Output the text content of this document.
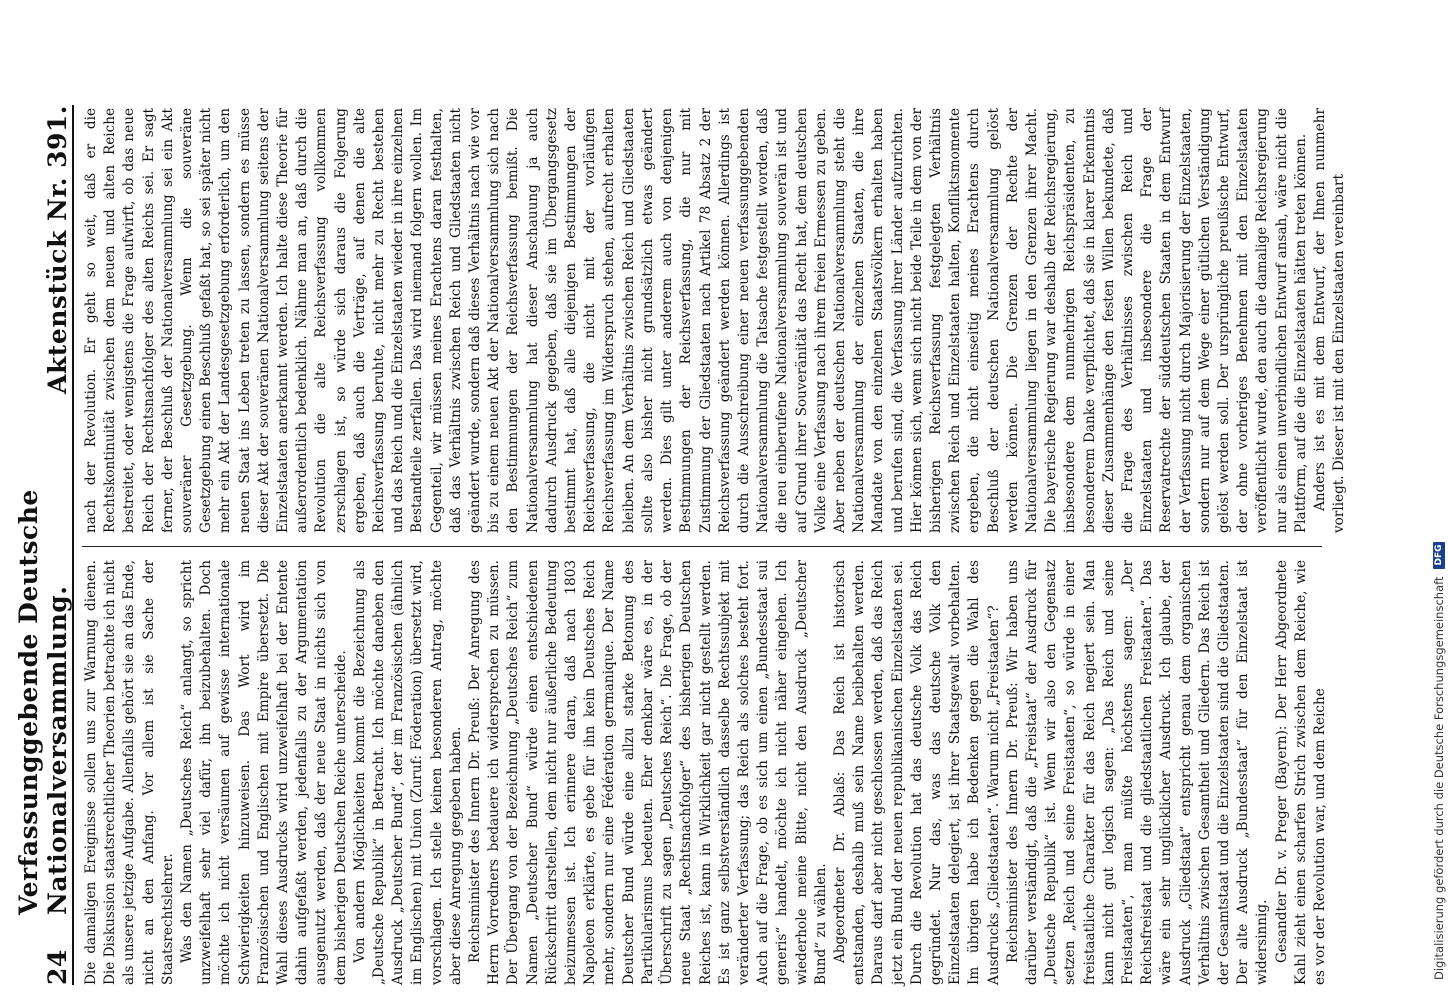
24
Verfassunggebende Deutsche Nationalversammlung.
Aktenstück Nr. 391.

Die damaligen Ereignisse sollen uns zur Warnung dienen. Die Diskussion staatsrechtlicher Theorien betrachte ich nicht als unsere jetzige Aufgabe. Allenfalls gehört sie an das Ende, nicht an den Anfang. Vor allem ist sie Sache der Staatsrechtslehrer. Was den Namen „Deutsches Reich“ anlangt, so spricht unzweifelhaft sehr viel dafür, ihn beizubehalten. Doch möchte ich nicht versäumen auf gewisse internationale Schwierigkeiten hinzuweisen. Das Wort wird im Französischen und Englischen mit Empire übersetzt. Die Wahl dieses Ausdrucks wird unzweifelhaft bei der Entente dahin aufgefaßt werden, jedenfalls zu der Argumentation ausgenutzt werden, daß der neue Staat in nichts sich von dem bisherigen Deutschen Reiche unterscheide. Von andern Möglichkeiten kommt die Bezeichnung als „Deutsche Republik“ in Betracht. Ich möchte daneben den Ausdruck „Deutscher Bund“, der im Französischen (ähnlich im Englischen) mit Union (Zuruf: Föderation) übersetzt wird, vorschlagen. Ich stelle keinen besonderen Antrag, möchte aber diese Anregung gegeben haben. Reichsminister des Innern Dr. Preuß: Der Anregung des Herrn Vorredners bedauere ich widersprechen zu müssen. Der Übergang von der Bezeichnung „Deutsches Reich“ zum Namen „Deutscher Bund“ würde einen entschiedenen Rückschritt darstellen, dem nicht nur äußerliche Bedeutung beizumessen ist. Ich erinnere daran, daß nach 1803 Napoleon erklärte, es gebe für ihn kein Deutsches Reich mehr, sondern nur eine Fédération germanique. Der Name Deutscher Bund würde eine allzu starke Betonung des Partikularismus bedeuten. Eher denkbar wäre es, in der Überschrift zu sagen „Deutsches Reich“. Die Frage, ob der neue Staat „Rechtsnachfolger“ des bisherigen Deutschen Reiches ist, kann in Wirklichkeit gar nicht gestellt werden. Es ist ganz selbstverständlich dasselbe Rechtssubjekt mit veränderter Verfassung; das Reich als solches besteht fort. Auch auf die Frage, ob es sich um einen „Bundesstaat sui generis“ handelt, möchte ich nicht näher eingehen. Ich wiederhole meine Bitte, nicht den Ausdruck „Deutscher Bund“ zu wählen. Abgeordneter Dr. Ablaß: Das Reich ist historisch entstanden, deshalb muß sein Name beibehalten werden. Daraus darf aber nicht geschlossen werden, daß das Reich jetzt ein Bund der neuen republikanischen Einzelstaaten sei. Durch die Revolution hat das deutsche Volk das Reich gegründet. Nur das, was das deutsche Volk den Einzelstaaten delegiert, ist ihrer Staatsgewalt vorbehalten. Im übrigen habe ich Bedenken gegen die Wahl des Ausdrucks „Gliedstaaten“. Warum nicht „Freistaaten“? Reichsminister des Innern Dr. Preuß: Wir haben uns darüber verständigt, daß die „Freistaat“ der Ausdruck für „Deutsche Republik“ ist. Wenn wir also den Gegensatz setzen „Reich und seine Freistaaten“, so würde in einer freistaatliche Charakter für das Reich negiert sein. Man kann nicht gut logisch sagen: „Das Reich und seine Freistaaten“, man müßte höchstens sagen: „Der Reichsfreistaat und die gliedstaatlichen Freistaaten“. Das wäre ein sehr unglücklicher Ausdruck. Ich glaube, der Ausdruck „Gliedstaat“ entspricht genau dem organischen Verhältnis zwischen Gesamtheit und Gliedern. Das Reich ist der Gesamtstaat und die Einzelstaaten sind die Gliedstaaten. Der alte Ausdruck „Bundesstaat“ für den Einzelstaat ist widersinnig. Gesandter Dr. v. Preger (Bayern): Der Herr Abgeordnete Kahl zieht einen scharfen Strich zwischen dem Reiche, wie es vor der Revolution war, und dem Reiche

nach der Revolution. Er geht so weit, daß er die Rechtskontinuität zwischen dem neuen und alten Reiche bestreitet, oder wenigstens die Frage aufwirft, ob das neue Reich der Rechtsnachfolger des alten Reichs sei. Er sagt ferner, der Beschluß der Nationalversammlung sei ein Akt souveräner Gesetzgebung. Wenn die souveräne Gesetzgebung einen Beschluß gefaßt hat, so sei später nicht mehr ein Akt der Landesgesetzgebung erforderlich, um den neuen Staat ins Leben treten zu lassen, sondern es müsse dieser Akt der souveränen Nationalversammlung seitens der Einzelstaaten anerkannt werden. Ich halte diese Theorie für außerordentlich bedenklich. Nähme man an, daß durch die Revolution die alte Reichsverfassung vollkommen zerschlagen ist, so würde sich daraus die Folgerung ergeben, daß auch die Verträge, auf denen die alte Reichsverfassung beruhte, nicht mehr zu Recht bestehen und das Reich und die Einzelstaaten wieder in ihre einzelnen Bestandteile zerfallen. Das wird niemand folgern wollen. Im Gegenteil, wir müssen meines Erachtens daran festhalten, daß das Verhältnis zwischen Reich und Gliedstaaten nicht geändert wurde, sondern daß dieses Verhältnis nach wie vor bis zu einem neuen Akt der Nationalversammlung sich nach den Bestimmungen der Reichsverfassung bemißt. Die Nationalversammlung hat dieser Anschauung ja auch dadurch Ausdruck gegeben, daß sie im Übergangsgesetz bestimmt hat, daß alle diejenigen Bestimmungen der Reichsverfassung, die nicht mit der vorläufigen Reichsverfassung im Widerspruch stehen, aufrecht erhalten bleiben. An dem Verhältnis zwischen Reich und Gliedstaaten sollte also bisher nicht grundsätzlich etwas geändert werden. Dies gilt unter anderem auch von denjenigen Bestimmungen der Reichsverfassung, die nur mit Zustimmung der Gliedstaaten nach Artikel 78 Absatz 2 der Reichsverfassung geändert werden können. Allerdings ist durch die Ausschreibung einer neuen verfassunggebenden Nationalversammlung die Tatsache festgestellt worden, daß die neu einberufene Nationalversammlung souverän ist und auf Grund ihrer Souveränität das Recht hat, dem deutschen Volke eine Verfassung nach ihrem freien Ermessen zu geben. Aber neben der deutschen Nationalversammlung steht die Nationalversammlung der einzelnen Staaten, die ihre Mandate von den einzelnen Staatsvölkern erhalten haben und berufen sind, die Verfassung ihrer Länder aufzurichten. Hier können sich, wenn sich nicht beide Teile in dem von der bisherigen Reichsverfassung festgelegten Verhältnis zwischen Reich und Einzelstaaten halten, Konfliktsmomente ergeben, die nicht einseitig meines Erachtens durch Beschluß der deutschen Nationalversammlung gelöst werden können. Die Grenzen der Rechte der Nationalversammlung liegen in den Grenzen ihrer Macht. Die bayerische Regierung war deshalb der Reichsregierung, insbesondere dem nunmehrigen Reichspräsidenten, zu besonderem Danke verpflichtet, daß sie in klarer Erkenntnis dieser Zusammenhänge den festen Willen bekundete, daß die Frage des Verhältnisses zwischen Reich und Einzelstaaten und insbesondere die Frage der Reservatrechte der süddeutschen Staaten in dem Entwurf der Verfassung nicht durch Majorisierung der Einzelstaaten, sondern nur auf dem Wege einer gütlichen Verständigung gelöst werden soll. Der ursprüngliche preußische Entwurf, der ohne vorheriges Benehmen mit den Einzelstaaten veröffentlicht wurde, den auch die damalige Reichsregierung nur als einen unverbindlichen Entwurf ansah, wäre nicht die Plattform, auf die die Einzelstaaten hätten treten können. Anders ist es mit dem Entwurf, der Ihnen nunmehr vorliegt. Dieser ist mit den Einzelstaaten vereinbart

Digitalisierung gefördert durch die Deutsche Forschungsgemeinschaft
DFG
